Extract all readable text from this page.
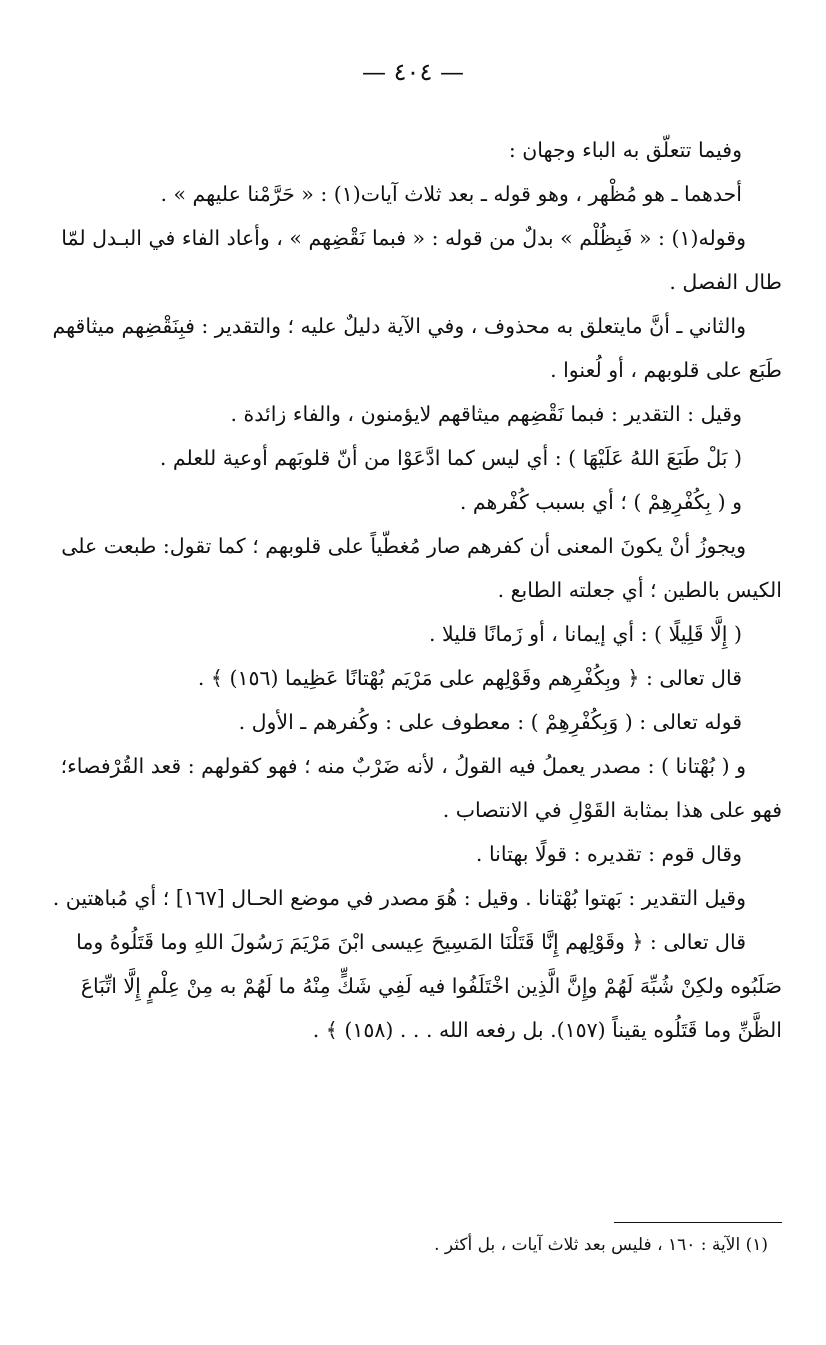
— ٤٠٤ —

وفيما تتعلّق به الباء وجهان :

أحدهما ـ هو مُظْهر ، وهو قوله ـ بعد ثلاث آيات(١) : « حَرَّمْنا عليهم » .

وقوله(١) : « فَبِظُلْم » بدلٌ من قوله : « فبما نَقْضِهم » ، وأعاد الفاء في البـدل لمّا طال الفصل .

والثاني ـ أنَّ مايتعلق به محذوف ، وفي الآية دليلٌ عليه ؛ والتقدير : فبِنَقْضِهم ميثاقهم طَبَع على قلوبهم ، أو لُعنوا .

وقيل : التقدير : فبما نَقْضِهم ميثاقهم لايؤمنون ، والفاء زائدة .

( بَلْ طَبَعَ اللهُ عَلَيْهَا ) : أي ليس كما ادَّعَوْا من أنّ قلوبَهم أوعية للعلم .

و ( بِكُفْرِهِمْ ) ؛ أي بسبب كُفْرهم .

ويجوزُ أنْ يكونَ المعنى أن كفرهم صار مُغطّياً على قلوبهم ؛ كما تقول: طبعت على الكيس بالطين ؛ أي جعلته الطابع .

( إِلَّا قَلِيلًا ) : أي إيمانا ، أو زَمانًا قليلا .

قال تعالى : ﴿ وبِكُفْرِهم وقَوْلِهم على مَرْيَم بُهْتانًا عَظِيما (١٥٦) ﴾ .

قوله تعالى : ( وَبِكُفْرِهِمْ ) : معطوف على : وكُفرهم ـ الأول .

و ( بُهْتانا ) : مصدر يعملُ فيه القولُ ، لأنه ضَرْبٌ منه ؛ فهو كقولهم : قعد القُرْفصاء؛ فهو على هذا بمثابة القَوْلِ في الانتصاب .

وقال قوم : تقديره : قولًا بهتانا .

وقيل التقدير : بَهتوا بُهْتانا . وقيل : هُوَ مصدر في موضع الحـال [١٦٧] ؛ أي مُباهتين .

قال تعالى : ﴿ وقَوْلِهم إِنَّا قَتَلْنَا المَسِيحَ عِيسى ابْنَ مَرْيَمَ رَسُولَ اللهِ وما قَتَلُوهُ وما صَلَبُوه ولكِنْ شُبِّهَ لَهُمْ وإِنَّ الَّذِين اخْتَلَفُوا فيه لَفِي شَكٍّ مِنْهُ ما لَهُمْ به مِنْ عِلْمٍ إِلَّا اتِّبَاعَ الظَّنِّ وما قَتَلُوه يقيناً (١٥٧). بل رفعه الله . . . (١٥٨) ﴾ .

(١) الآية : ١٦٠ ، فليس بعد ثلاث آيات ، بل أكثر .
